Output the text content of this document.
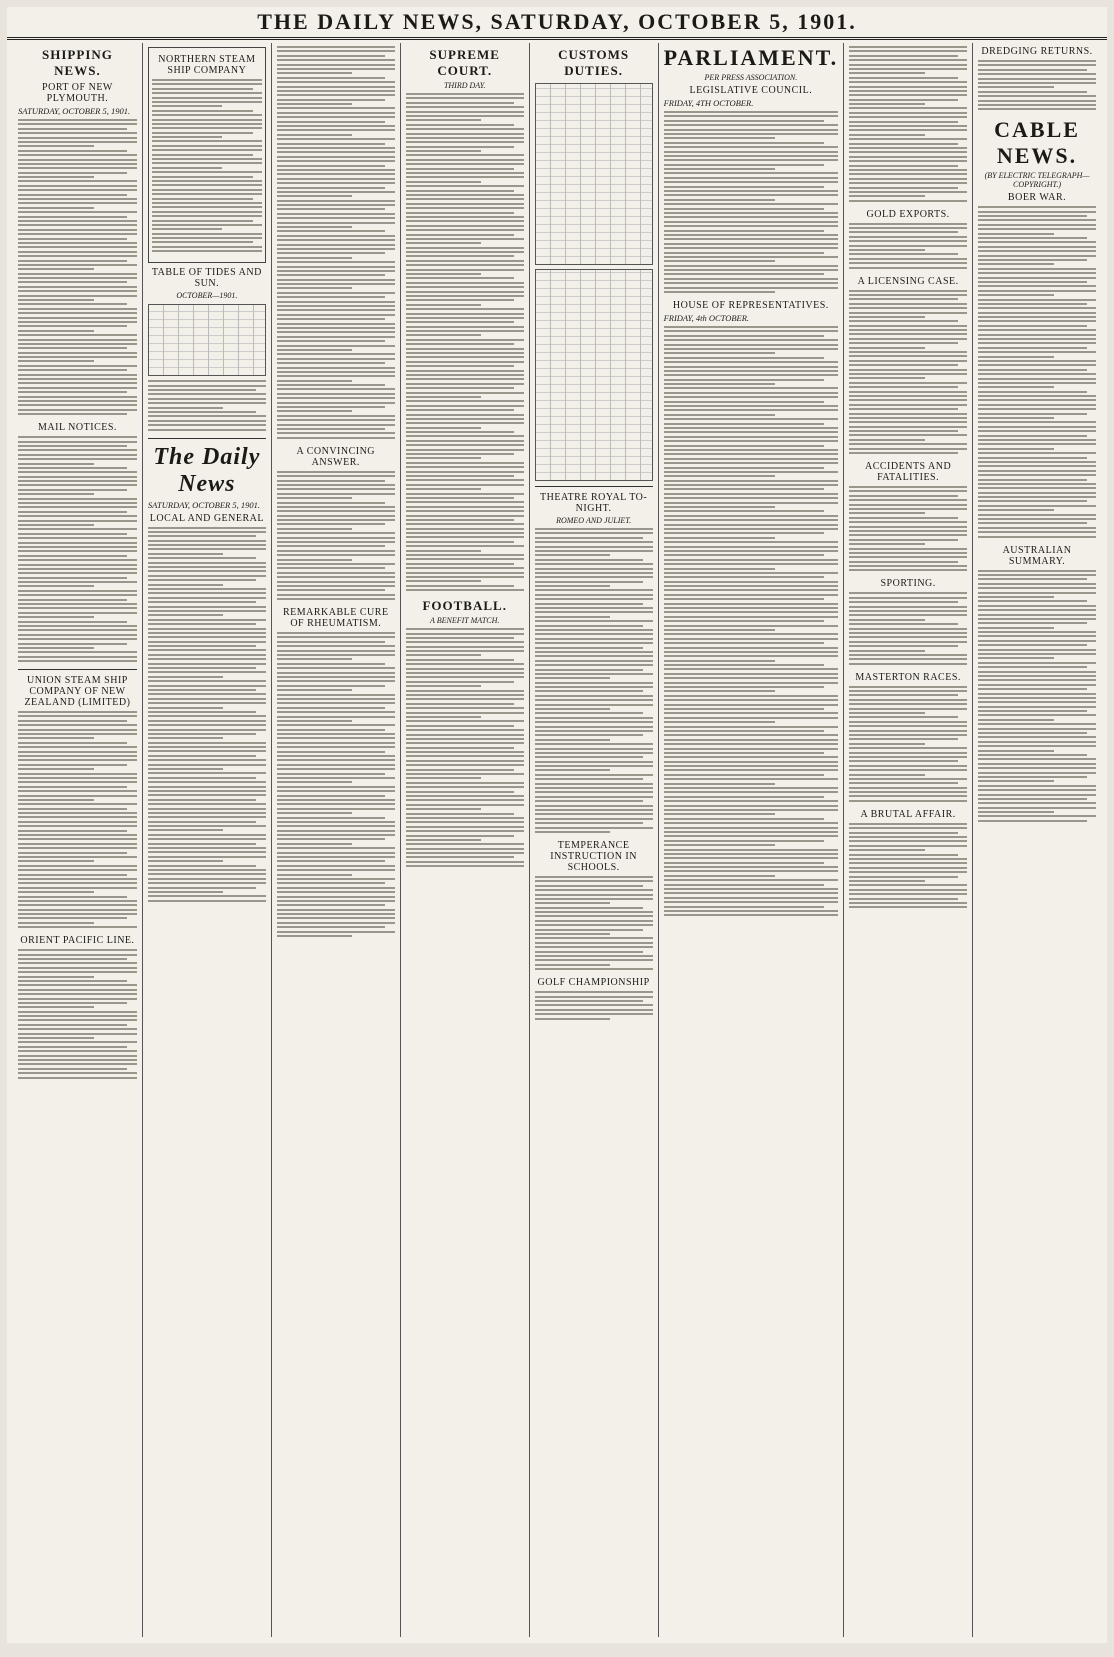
THE DAILY NEWS, SATURDAY, OCTOBER 5, 1901.
SHIPPING NEWS.
PORT OF NEW PLYMOUTH.
SATURDAY, OCTOBER 5, 1901.
MAIL NOTICES.
UNION STEAM SHIP COMPANY OF NEW ZEALAND (LIMITED)
ORIENT PACIFIC LINE.
NORTHERN STEAM SHIP COMPANY
TABLE OF TIDES AND SUN.
OCTOBER—1901.
The Daily News
SATURDAY, OCTOBER 5, 1901.
LOCAL AND GENERAL
A CONVINCING ANSWER.
REMARKABLE CURE OF RHEUMATISM.
SUPREME COURT.
THIRD DAY.
FOOTBALL.
A BENEFIT MATCH.
CUSTOMS DUTIES.
THEATRE ROYAL TO-NIGHT.
ROMEO AND JULIET.
TEMPERANCE INSTRUCTION IN SCHOOLS.
GOLF CHAMPIONSHIP
PARLIAMENT.
PER PRESS ASSOCIATION.
LEGISLATIVE COUNCIL.
FRIDAY, 4TH OCTOBER.
HOUSE OF REPRESENTATIVES.
FRIDAY, 4th OCTOBER.
GOLD EXPORTS.
A LICENSING CASE.
ACCIDENTS AND FATALITIES.
SPORTING.
MASTERTON RACES.
A BRUTAL AFFAIR.
DREDGING RETURNS.
CABLE NEWS.
(BY ELECTRIC TELEGRAPH—COPYRIGHT.)
BOER WAR.
AUSTRALIAN SUMMARY.
